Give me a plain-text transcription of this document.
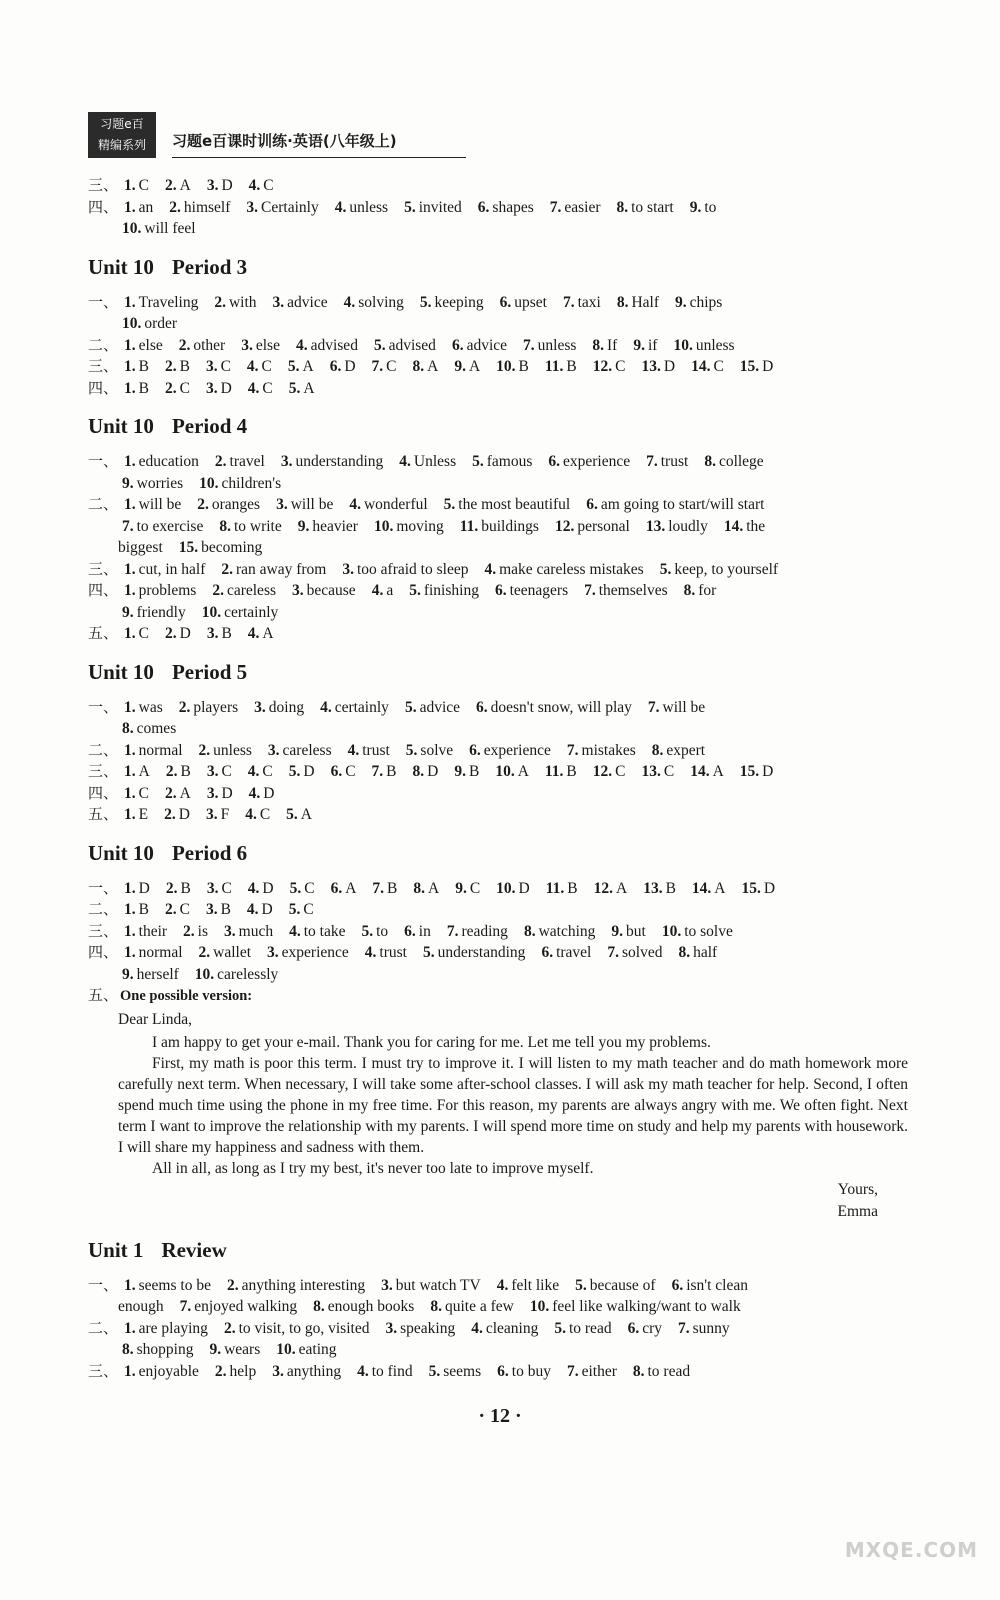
习题e百
精编系列	习题e百课时训练·英语(八年级上)
三、 1. C 2. A 3. D 4. C
四、 1. an 2. himself 3. Certainly 4. unless 5. invited 6. shapes 7. easier 8. to start 9. to
10. will feel
Unit 10 Period 3
一、 1. Traveling 2. with 3. advice 4. solving 5. keeping 6. upset 7. taxi 8. Half 9. chips
10. order
二、 1. else 2. other 3. else 4. advised 5. advised 6. advice 7. unless 8. If 9. if 10. unless
三、 1. B 2. B 3. C 4. C 5. A 6. D 7. C 8. A 9. A 10. B 11. B 12. C 13. D 14. C 15. D
四、 1. B 2. C 3. D 4. C 5. A
Unit 10 Period 4
一、 1. education 2. travel 3. understanding 4. Unless 5. famous 6. experience 7. trust 8. college
9. worries 10. children's
二、 1. will be 2. oranges 3. will be 4. wonderful 5. the most beautiful 6. am going to start/will start
7. to exercise 8. to write 9. heavier 10. moving 11. buildings 12. personal 13. loudly 14. the
biggest 15. becoming
三、 1. cut, in half 2. ran away from 3. too afraid to sleep 4. make careless mistakes 5. keep, to yourself
四、 1. problems 2. careless 3. because 4. a 5. finishing 6. teenagers 7. themselves 8. for
9. friendly 10. certainly
五、 1. C 2. D 3. B 4. A
Unit 10 Period 5
一、 1. was 2. players 3. doing 4. certainly 5. advice 6. doesn't snow, will play 7. will be
8. comes
二、 1. normal 2. unless 3. careless 4. trust 5. solve 6. experience 7. mistakes 8. expert
三、 1. A 2. B 3. C 4. C 5. D 6. C 7. B 8. D 9. B 10. A 11. B 12. C 13. C 14. A 15. D
四、 1. C 2. A 3. D 4. D
五、 1. E 2. D 3. F 4. C 5. A
Unit 10 Period 6
一、 1. D 2. B 3. C 4. D 5. C 6. A 7. B 8. A 9. C 10. D 11. B 12. A 13. B 14. A 15. D
二、 1. B 2. C 3. B 4. D 5. C
三、 1. their 2. is 3. much 4. to take 5. to 6. in 7. reading 8. watching 9. but 10. to solve
四、 1. normal 2. wallet 3. experience 4. trust 5. understanding 6. travel 7. solved 8. half
9. herself 10. carelessly
五、 One possible version:
Dear Linda,
I am happy to get your e-mail. Thank you for caring for me. Let me tell you my problems.
First, my math is poor this term. I must try to improve it. I will listen to my math teacher and do math homework more carefully next term. When necessary, I will take some after-school classes. I will ask my math teacher for help. Second, I often spend much time using the phone in my free time. For this reason, my parents are always angry with me. We often fight. Next term I want to improve the relationship with my parents. I will spend more time on study and help my parents with housework. I will share my happiness and sadness with them.
All in all, as long as I try my best, it's never too late to improve myself.
Yours,
Emma
Unit 1 Review
一、 1. seems to be 2. anything interesting 3. but watch TV 4. felt like 5. because of 6. isn't clean
enough 7. enjoyed walking 8. enough books 8. quite a few 10. feel like walking/want to walk
二、 1. are playing 2. to visit, to go, visited 3. speaking 4. cleaning 5. to read 6. cry 7. sunny
8. shopping 9. wears 10. eating
三、 1. enjoyable 2. help 3. anything 4. to find 5. seems 6. to buy 7. either 8. to read
· 12 ·
MXQE.COM
